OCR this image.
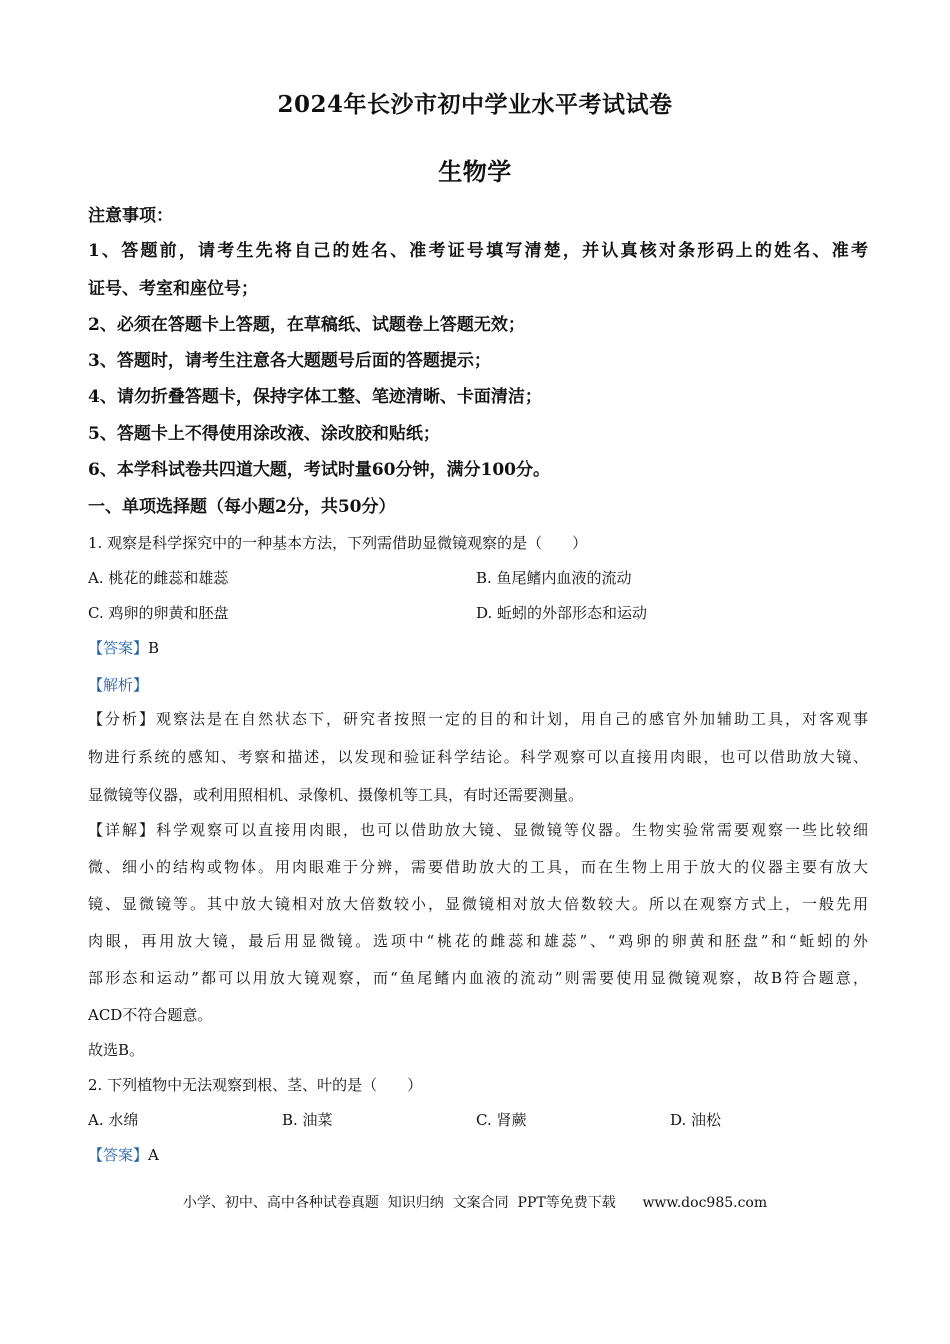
2024年长沙市初中学业水平考试试卷
生物学
注意事项：
1、答题前，请考生先将自己的姓名、准考证号填写清楚，并认真核对条形码上的姓名、准考
证号、考室和座位号；
2、必须在答题卡上答题，在草稿纸、试题卷上答题无效；
3、答题时，请考生注意各大题题号后面的答题提示；
4、请勿折叠答题卡，保持字体工整、笔迹清晰、卡面清洁；
5、答题卡上不得使用涂改液、涂改胶和贴纸；
6、本学科试卷共四道大题，考试时量60分钟，满分100分。
一、单项选择题（每小题2分，共50分）
1. 观察是科学探究中的一种基本方法，下列需借助显微镜观察的是（　　）
A. 桃花的雌蕊和雄蕊	B. 鱼尾鳍内血液的流动
C. 鸡卵的卵黄和胚盘	D. 蚯蚓的外部形态和运动
【答案】B
【解析】
【分析】观察法是在自然状态下，研究者按照一定的目的和计划，用自己的感官外加辅助工具，对客观事
物进行系统的感知、考察和描述，以发现和验证科学结论。科学观察可以直接用肉眼，也可以借助放大镜、
显微镜等仪器，或利用照相机、录像机、摄像机等工具，有时还需要测量。
【详解】科学观察可以直接用肉眼，也可以借助放大镜、显微镜等仪器。生物实验常需要观察一些比较细
微、细小的结构或物体。用肉眼难于分辨，需要借助放大的工具，而在生物上用于放大的仪器主要有放大
镜、显微镜等。其中放大镜相对放大倍数较小，显微镜相对放大倍数较大。所以在观察方式上，一般先用
肉眼，再用放大镜，最后用显微镜。选项中“桃花的雌蕊和雄蕊”、“鸡卵的卵黄和胚盘”和“蚯蚓的外
部形态和运动”都可以用放大镜观察，而“鱼尾鳍内血液的流动”则需要使用显微镜观察，故B符合题意，
ACD不符合题意。
故选B。
2. 下列植物中无法观察到根、茎、叶的是（　　）
A. 水绵	B. 油菜	C. 肾蕨	D. 油松
【答案】A
小学、初中、高中各种试卷真题  知识归纳  文案合同  PPT等免费下载      www.doc985.com
